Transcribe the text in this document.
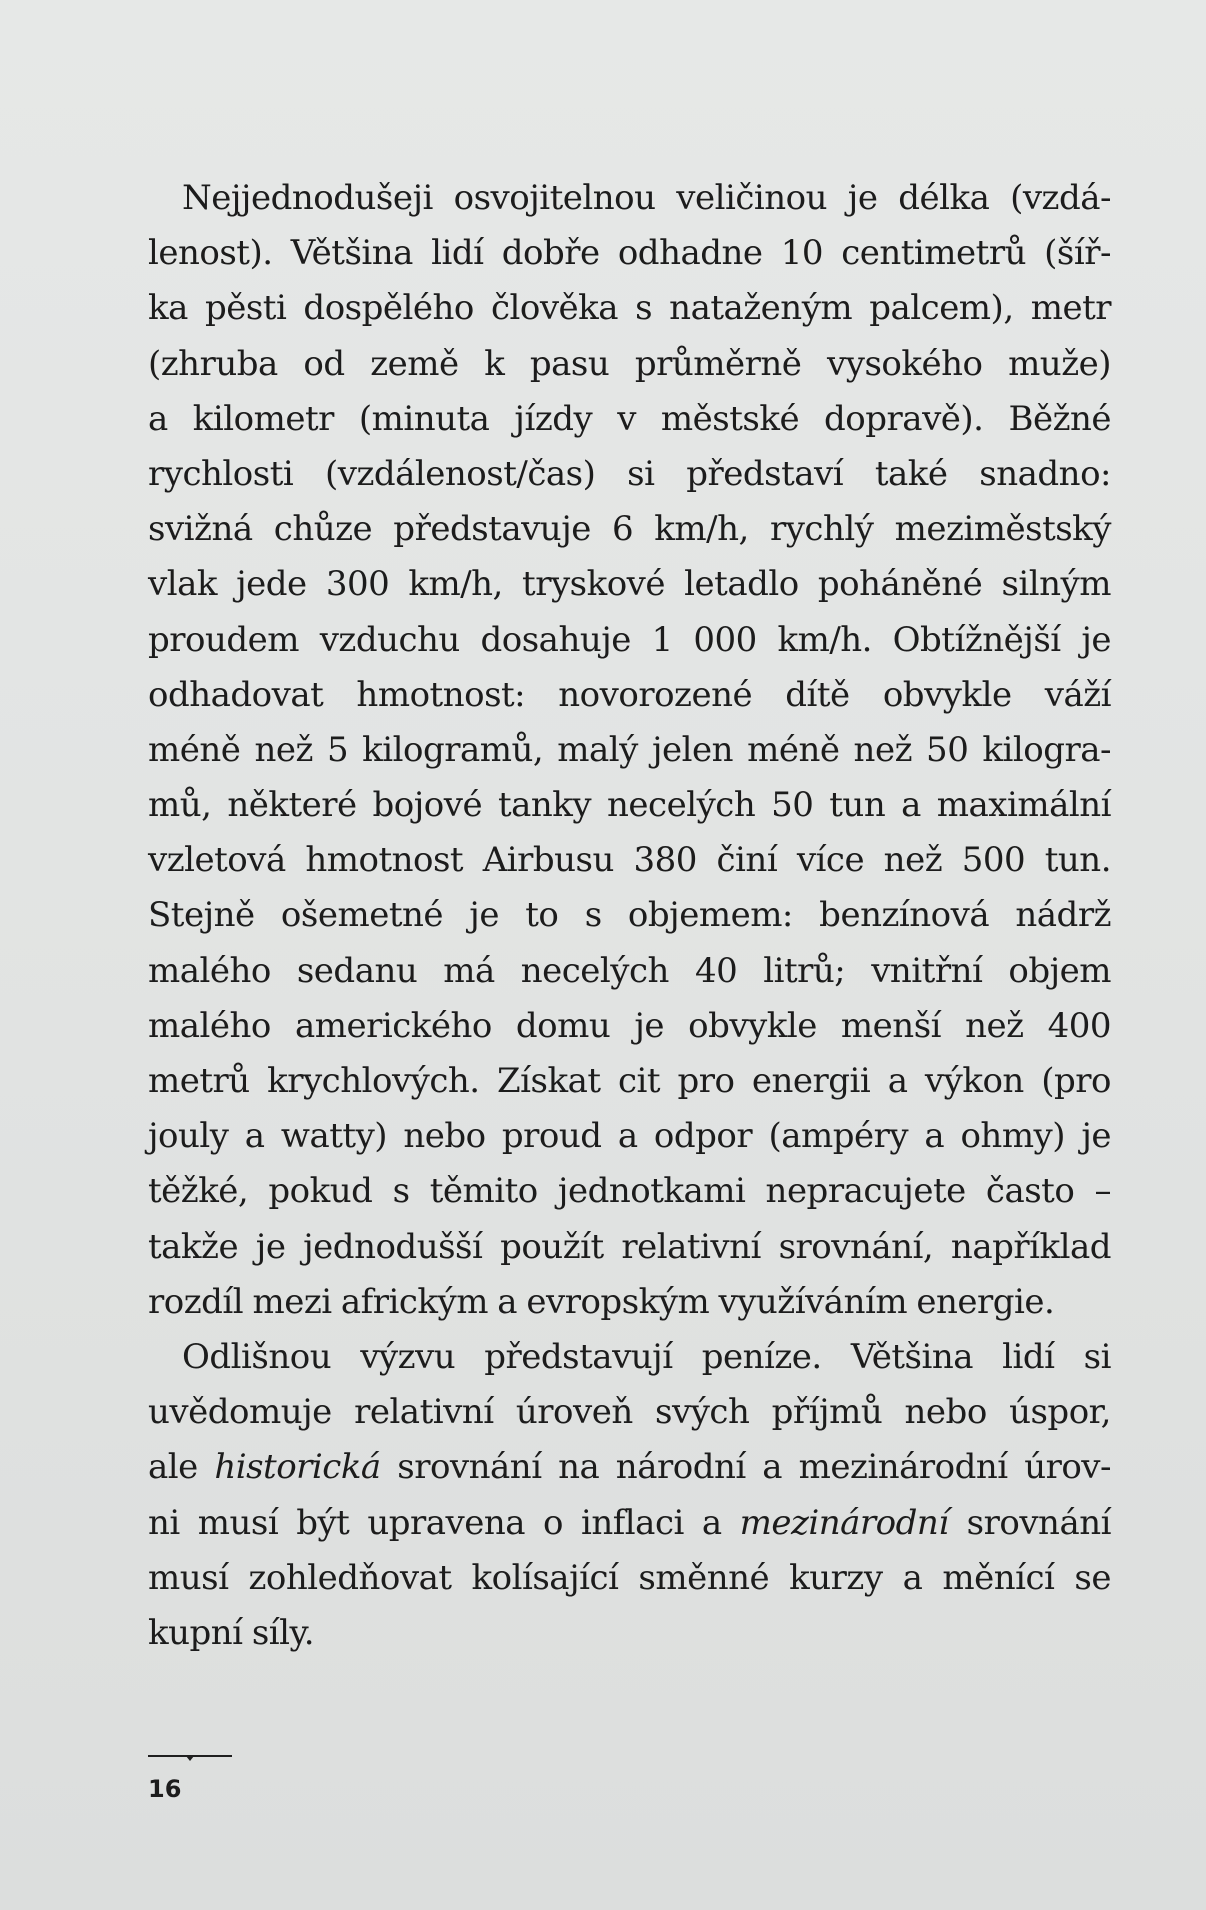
Nejjednodušeji osvojitelnou veličinou je délka (vzdá-
lenost). Většina lidí dobře odhadne 10 centimetrů (šíř-
ka pěsti dospělého člověka s nataženým palcem), metr
(zhruba od země k pasu průměrně vysokého muže)
a kilometr (minuta jízdy v městské dopravě). Běžné
rychlosti (vzdálenost/čas) si představí také snadno:
svižná chůze představuje 6 km/h, rychlý meziměstský
vlak jede 300 km/h, tryskové letadlo poháněné silným
proudem vzduchu dosahuje 1 000 km/h. Obtížnější je
odhadovat hmotnost: novorozené dítě obvykle váží
méně než 5 kilogramů, malý jelen méně než 50 kilogra-
mů, některé bojové tanky necelých 50 tun a maximální
vzletová hmotnost Airbusu 380 činí více než 500 tun.
Stejně ošemetné je to s objemem: benzínová nádrž
malého sedanu má necelých 40 litrů; vnitřní objem
malého amerického domu je obvykle menší než 400
metrů krychlových. Získat cit pro energii a výkon (pro
jouly a watty) nebo proud a odpor (ampéry a ohmy) je
těžké, pokud s těmito jednotkami nepracujete často –
takže je jednodušší použít relativní srovnání, například
rozdíl mezi africkým a evropským využíváním energie.
Odlišnou výzvu představují peníze. Většina lidí si
uvědomuje relativní úroveň svých příjmů nebo úspor,
ale historická srovnání na národní a mezinárodní úrov-
ni musí být upravena o inflaci a mezinárodní srovnání
musí zohledňovat kolísající směnné kurzy a měnící se
kupní síly.
16
